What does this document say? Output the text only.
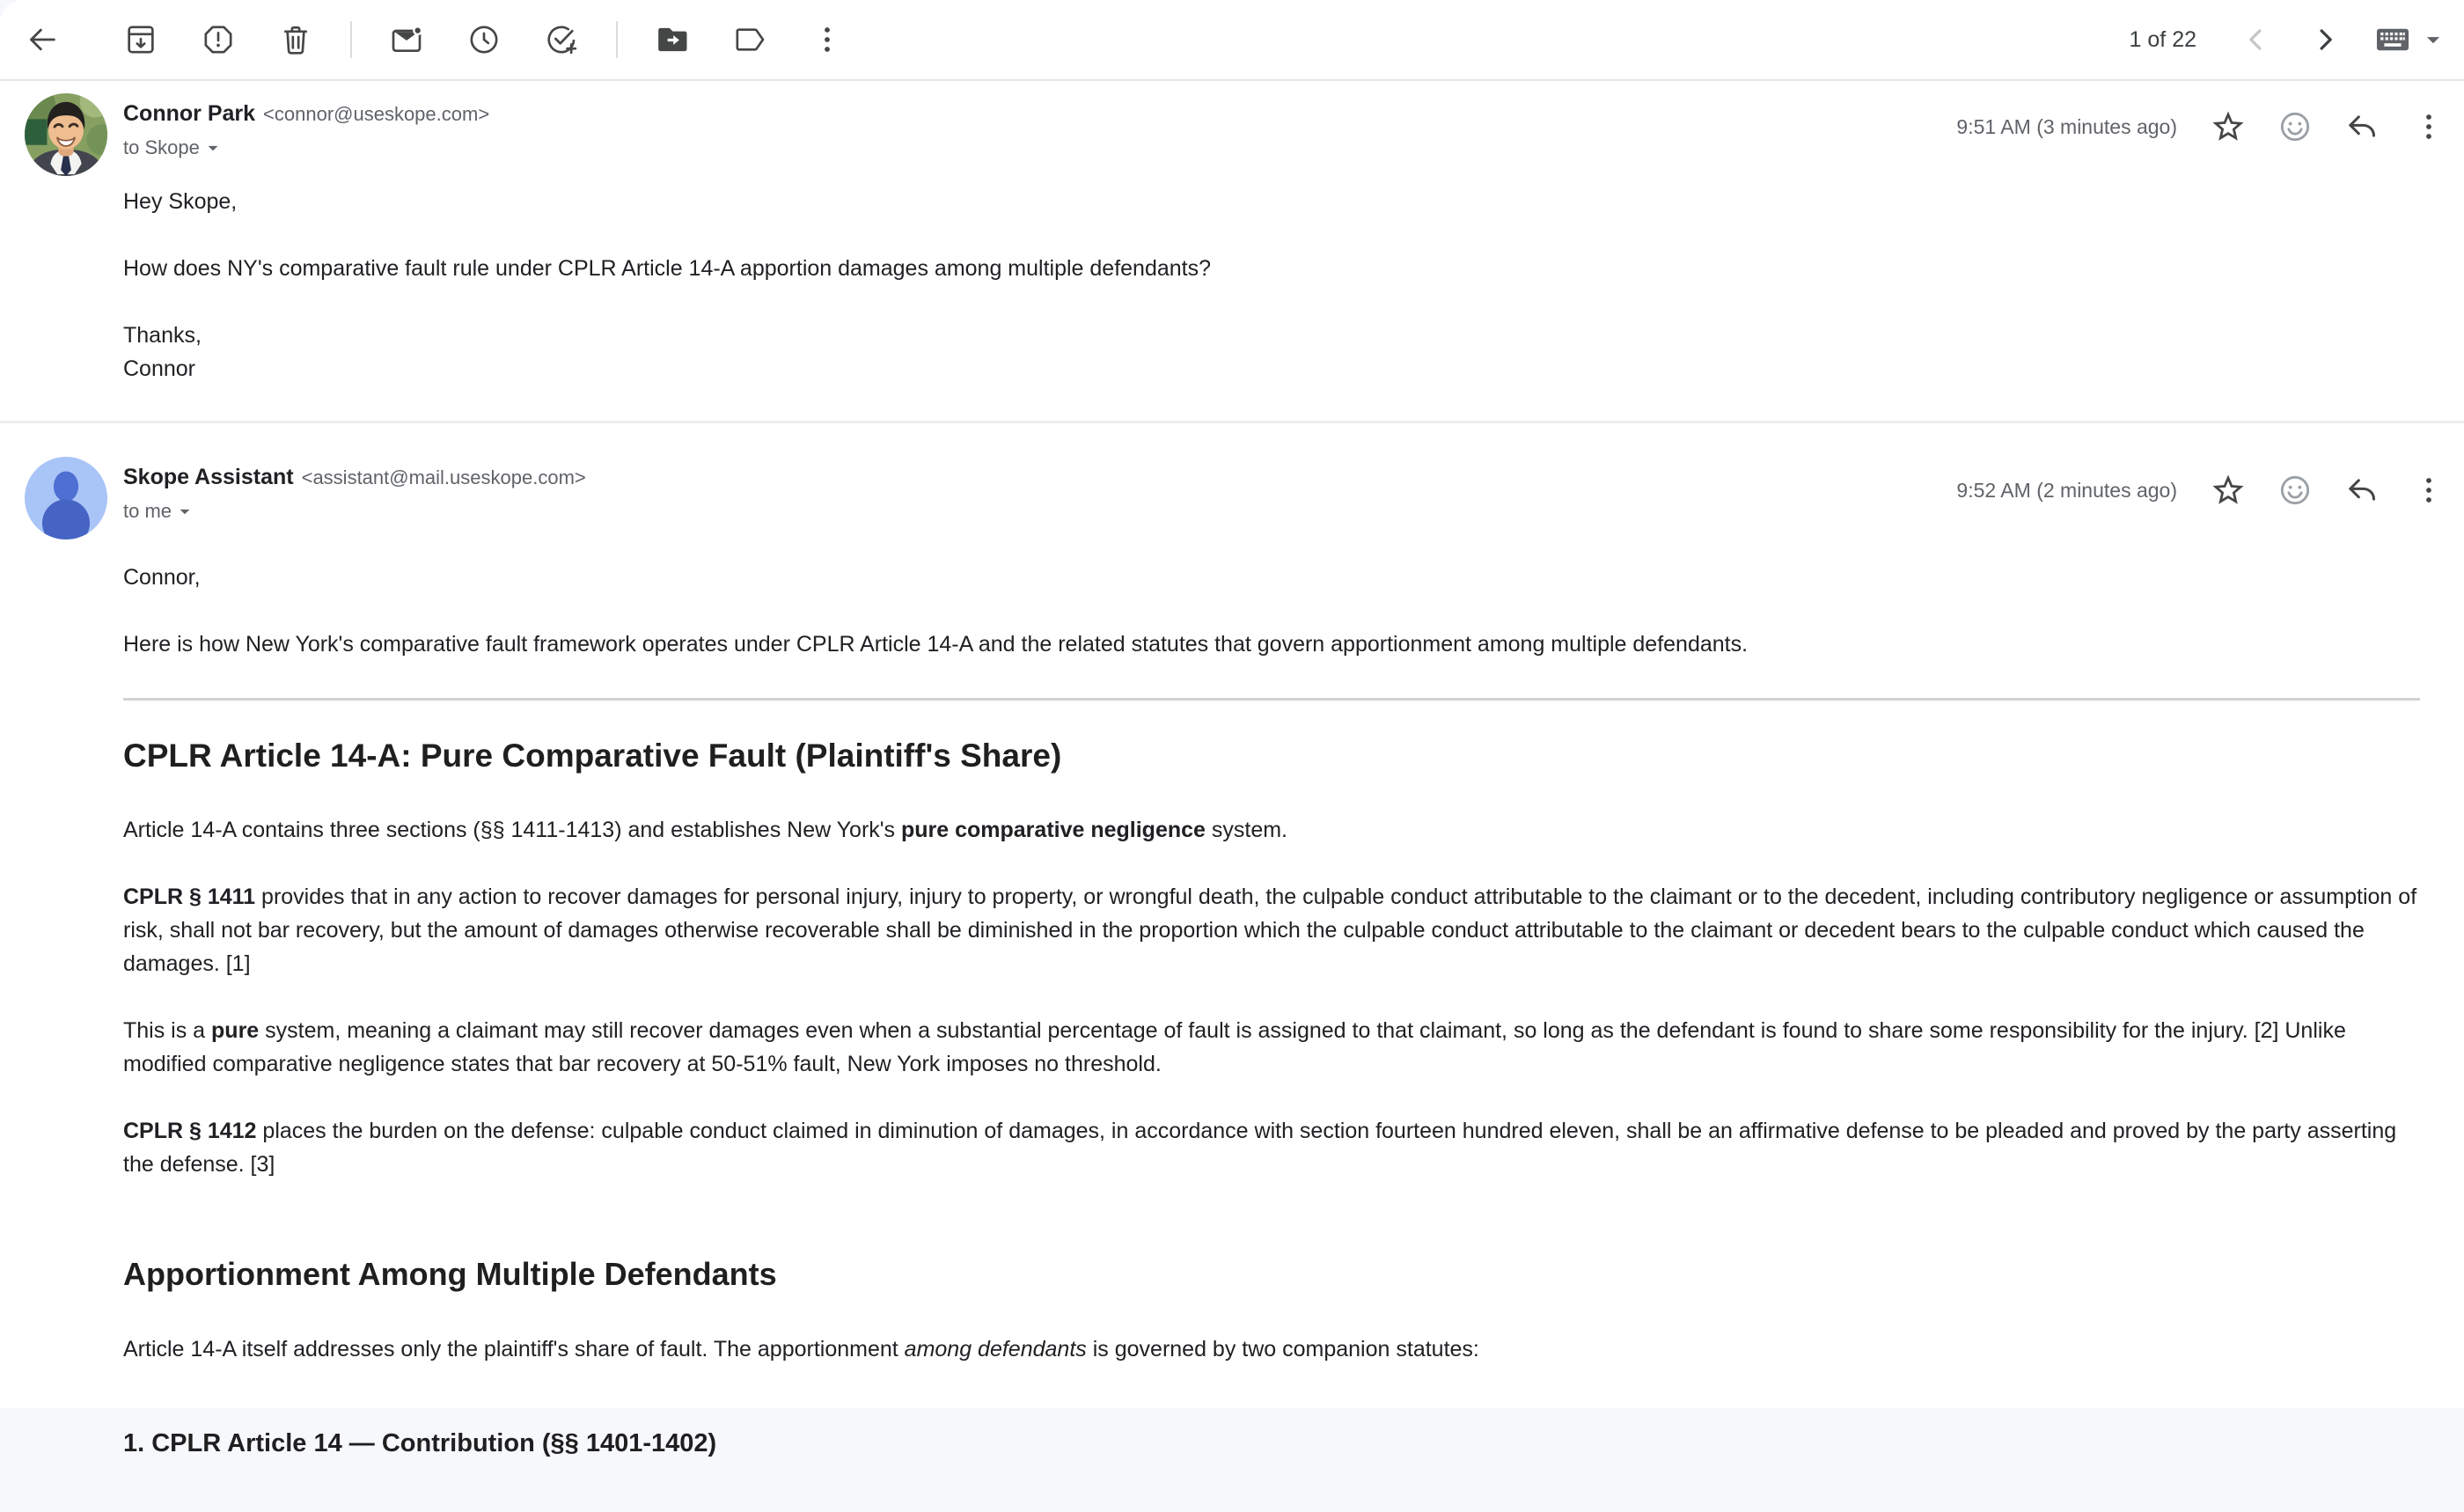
1 of 22
Connor Park <connor@useskope.com>
to Skope
9:51 AM (3 minutes ago)

Hey Skope,

How does NY's comparative fault rule under CPLR Article 14-A apportion damages among multiple defendants?

Thanks,
Connor

Skope Assistant <assistant@mail.useskope.com>
to me
9:52 AM (2 minutes ago)

Connor,

Here is how New York's comparative fault framework operates under CPLR Article 14-A and the related statutes that govern apportionment among multiple defendants.

CPLR Article 14-A: Pure Comparative Fault (Plaintiff's Share)

Article 14-A contains three sections (§§ 1411-1413) and establishes New York's pure comparative negligence system.

CPLR § 1411 provides that in any action to recover damages for personal injury, injury to property, or wrongful death, the culpable conduct attributable to the claimant or to the decedent, including contributory negligence or assumption of risk, shall not bar recovery, but the amount of damages otherwise recoverable shall be diminished in the proportion which the culpable conduct attributable to the claimant or decedent bears to the culpable conduct which caused the damages. [1]

This is a pure system, meaning a claimant may still recover damages even when a substantial percentage of fault is assigned to that claimant, so long as the defendant is found to share some responsibility for the injury. [2] Unlike modified comparative negligence states that bar recovery at 50-51% fault, New York imposes no threshold.

CPLR § 1412 places the burden on the defense: culpable conduct claimed in diminution of damages, in accordance with section fourteen hundred eleven, shall be an affirmative defense to be pleaded and proved by the party asserting the defense. [3]

Apportionment Among Multiple Defendants

Article 14-A itself addresses only the plaintiff's share of fault. The apportionment among defendants is governed by two companion statutes:

1. CPLR Article 14 — Contribution (§§ 1401-1402)
